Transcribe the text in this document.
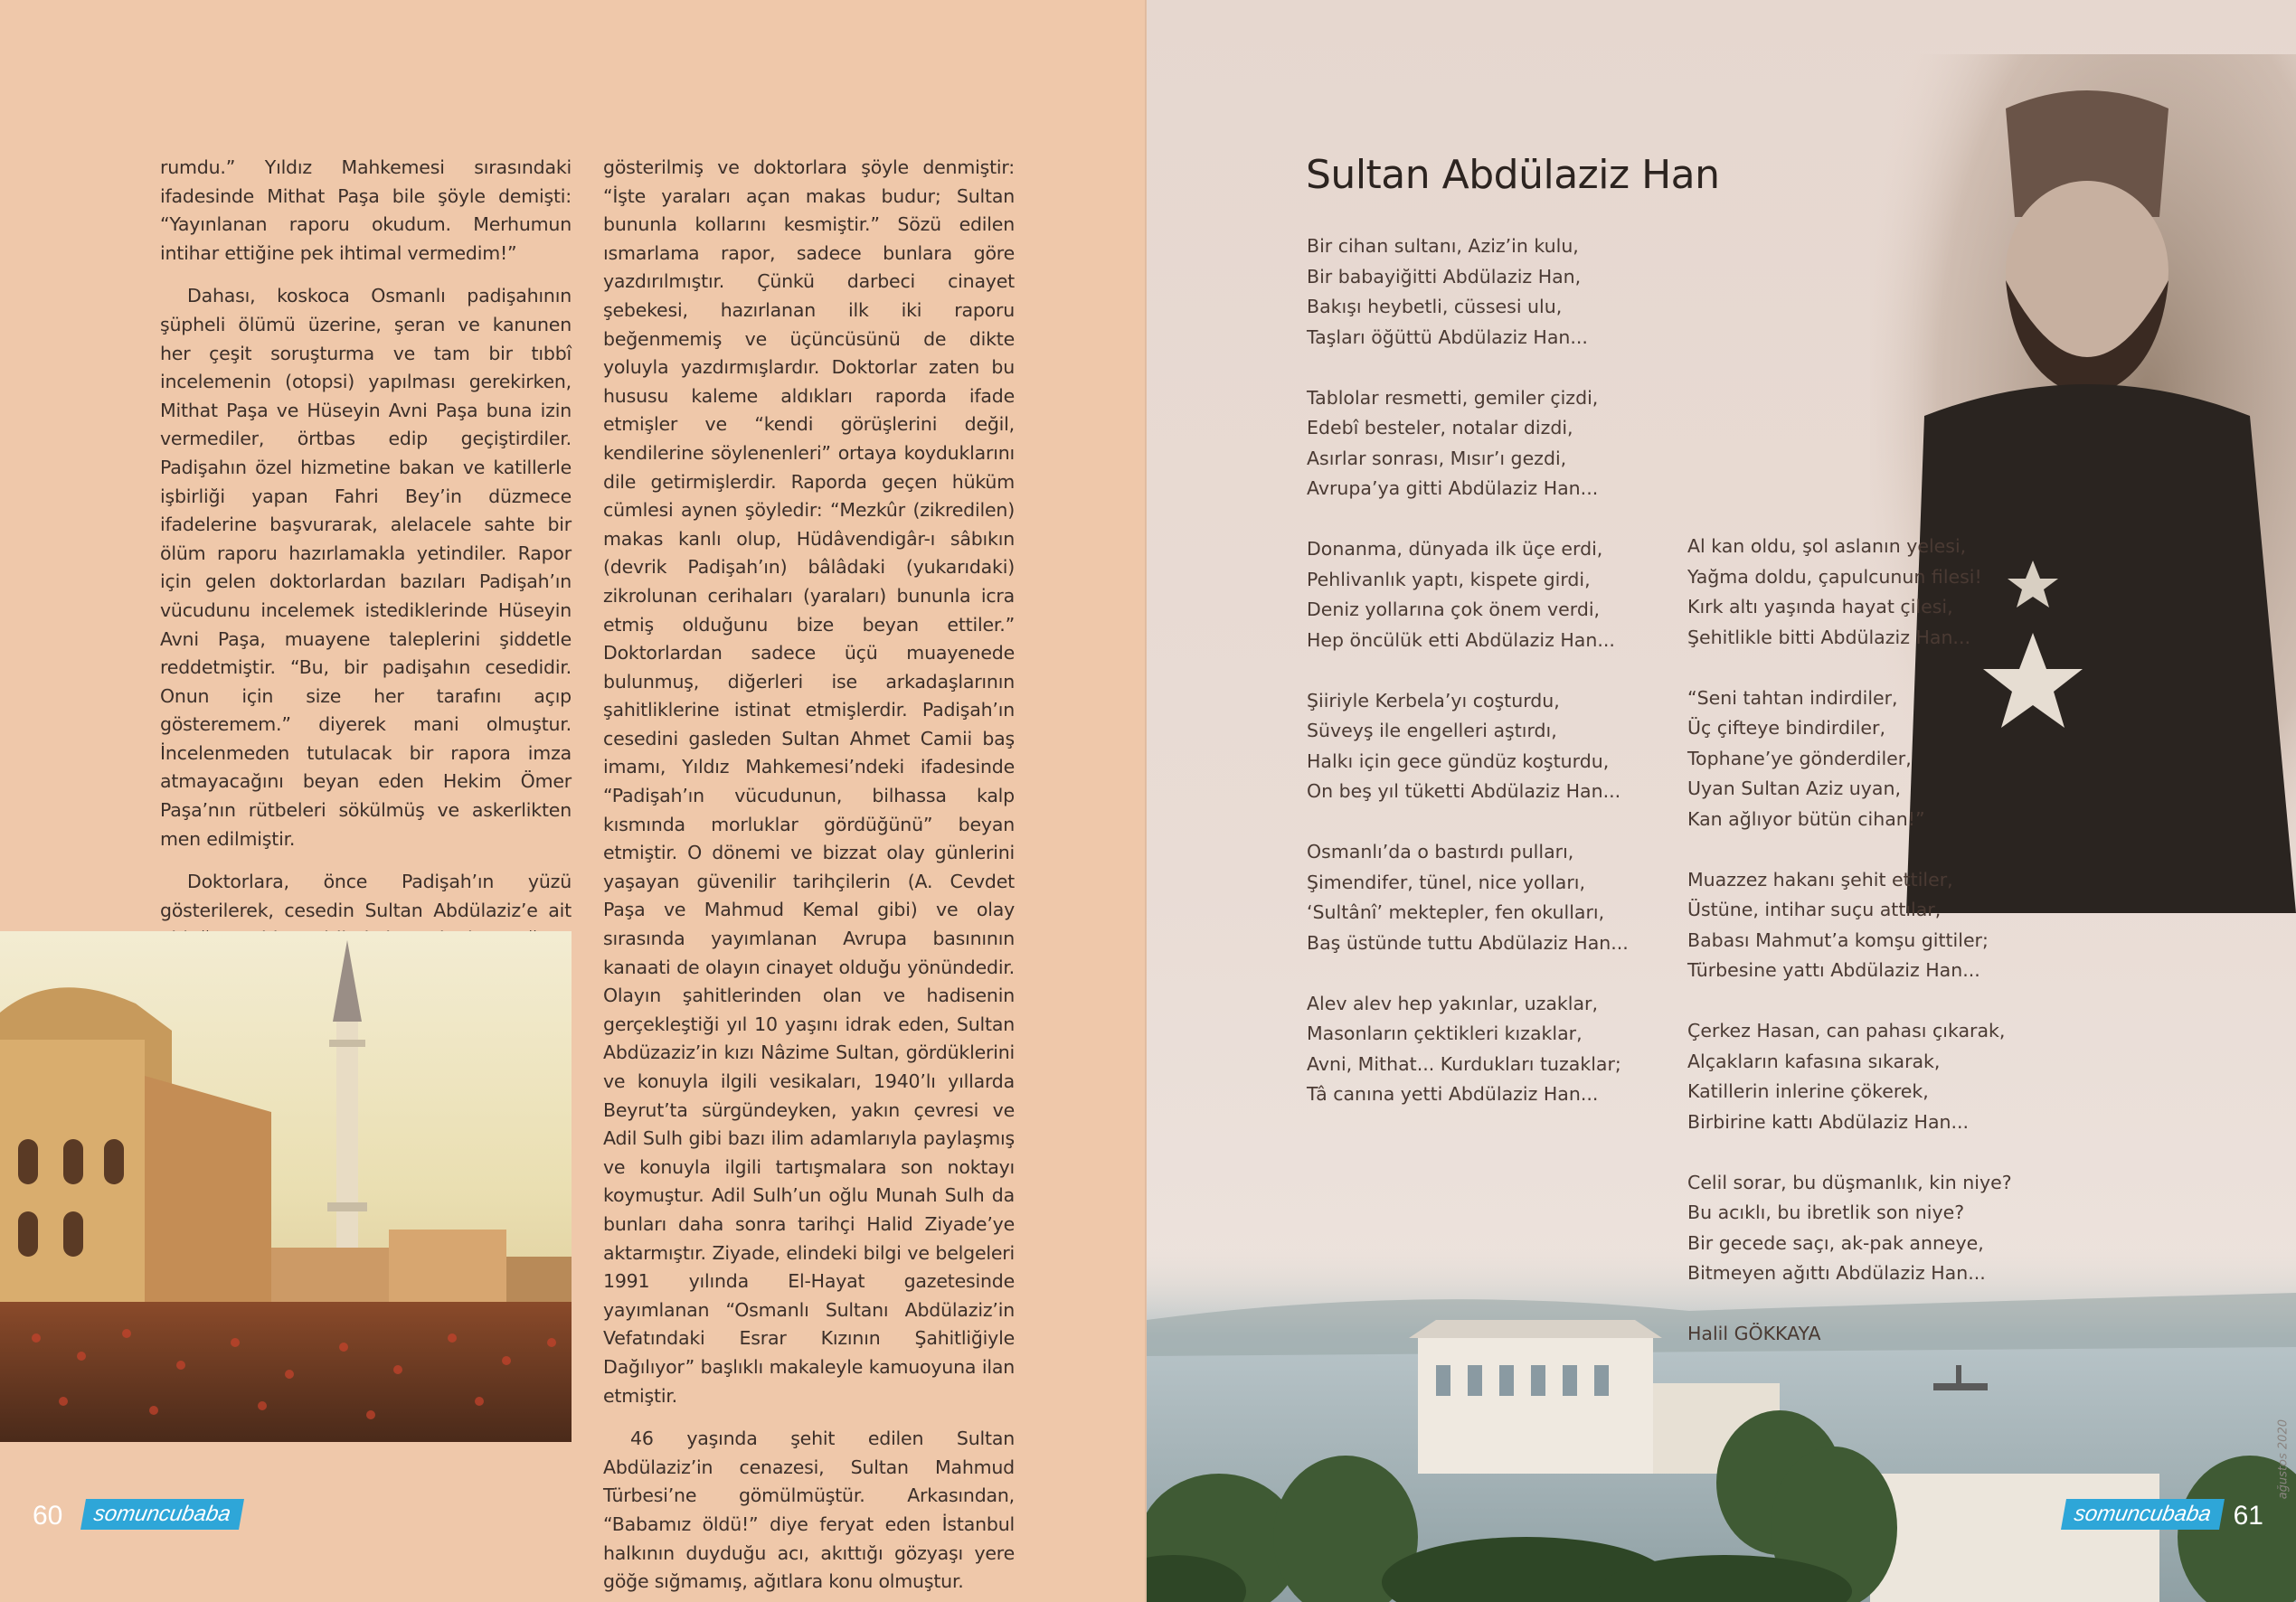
rumdu.” Yıldız Mahkemesi sırasındaki ifadesinde Mithat Paşa bile şöyle demişti: “Yayınlanan raporu okudum. Merhumun intihar ettiğine pek ihtimal vermedim!”

Dahası, koskoca Osmanlı padişahının şüpheli ölümü üzerine, şeran ve kanunen her çeşit soruşturma ve tam bir tıbbî incelemenin (otopsi) yapılması gerekirken, Mithat Paşa ve Hüseyin Avni Paşa buna izin vermediler, örtbas edip geçiştirdiler. Padişahın özel hizmetine bakan ve katillerle işbirliği yapan Fahri Bey’in düzmece ifadelerine başvurarak, alelacele sahte bir ölüm raporu hazırlamakla yetindiler. Rapor için gelen doktorlardan bazıları Padişah’ın vücudunu incelemek istediklerinde Hüseyin Avni Paşa, muayene taleplerini şiddetle reddetmiştir. “Bu, bir padişahın cesedidir. Onun için size her tarafını açıp gösteremem.” diyerek mani olmuştur. İncelenmeden tutulacak bir rapora imza atmayacağını beyan eden Hekim Ömer Paşa’nın rütbeleri sökülmüş ve askerlikten men edilmiştir.

Doktorlara, önce Padişah’ın yüzü gösterilerek, cesedin Sultan Abdülaziz’e ait

gösterilmiş ve doktorlara şöyle denmiştir: “İşte yaraları açan makas budur; Sultan bununla kollarını kesmiştir.” Sözü edilen ısmarlama rapor, sadece bunlara göre yazdırılmıştır. Çünkü darbeci cinayet şebekesi, hazırlanan ilk iki raporu beğenmemiş ve üçüncüsünü de dikte yoluyla yazdırmışlardır. Doktorlar zaten bu hususu kaleme aldıkları raporda ifade etmişler ve “kendi görüşlerini değil, kendilerine söylenenleri” ortaya koyduklarını dile getirmişlerdir. Raporda geçen hüküm cümlesi aynen şöyledir: “Mezkûr (zikredilen) makas kanlı olup, Hüdâvendigâr-ı sâbıkın (devrik Padişah’ın) bâlâdaki (yukarıdaki) zikrolunan cerihaları (yaraları) bununla icra etmiş olduğunu bize beyan ettiler.” Doktorlardan sadece üçü muayenede bulunmuş, diğerleri ise arkadaşlarının şahitliklerine istinat etmişlerdir. Padişah’ın cesedini gasleden Sultan Ahmet Camii baş imamı, Yıldız Mahkemesi’ndeki ifadesinde “Padişah’ın vücudunun, bilhassa kalp kısmında morluklar gördüğünü” beyan etmiştir. O dönemi ve bizzat olay günlerini yaşayan güvenilir tarihçilerin (A. Cevdet Paşa ve Mahmud Kemal gibi) ve olay sırasında yayımlanan Avrupa basınının kanaati de olayın cinayet olduğu yönündedir. Olayın şahitlerinden olan ve hadisenin gerçekleştiği yıl 10 yaşını idrak eden, Sultan Abdüzaziz’in kızı Nâzime Sultan, gördüklerini ve konuyla ilgili vesikaları, 1940’lı yıllarda Beyrut’ta sürgündeyken, yakın çevresi ve Adil Sulh gibi bazı ilim adamlarıyla paylaşmış ve konuyla ilgili tartışmalara son noktayı koymuştur. Adil Sulh’un oğlu Munah Sulh da bunları daha sonra tarihçi Halid Ziyade’ye aktarmıştır. Ziyade, elindeki bilgi ve belgeleri 1991 yılında El-Hayat gazetesinde yayımlanan “Osmanlı Sultanı Abdülaziz’in Vefatındaki Esrar Kızının Şahitliğiyle Dağılıyor” başlıklı makaleyle kamuoyuna ilan etmiştir.

46 yaşında şehit edilen Sultan Abdülaziz’in cenazesi, Sultan Mahmud Türbesi’ne gömülmüştür. Arkasından, “Babamız öldü!” diye feryat eden İstanbul halkının duyduğu acı, akıttığı gözyaşı yere göğe sığmamış, ağıtlara konu olmuştur.

60	somuncubaba
Sultan Abdülaziz Han
Bir cihan sultanı, Aziz’in kulu,
Bir babayiğitti Abdülaziz Han,
Bakışı heybetli, cüssesi ulu,
Taşları öğüttü Abdülaziz Han...
Tablolar resmetti, gemiler çizdi,
Edebî besteler, notalar dizdi,
Asırlar sonrası, Mısır’ı gezdi,
Avrupa’ya gitti Abdülaziz Han...
Donanma, dünyada ilk üçe erdi,
Pehlivanlık yaptı, kispete girdi,
Deniz yollarına çok önem verdi,
Hep öncülük etti Abdülaziz Han...
Şiiriyle Kerbela’yı coşturdu,
Süveyş ile engelleri aştırdı,
Halkı için gece gündüz koşturdu,
On beş yıl tüketti Abdülaziz Han...
Osmanlı’da o bastırdı pulları,
Şimendifer, tünel, nice yolları,
‘Sultânî’ mektepler, fen okulları,
Baş üstünde tuttu Abdülaziz Han...
Alev alev hep yakınlar, uzaklar,
Masonların çektikleri kızaklar,
Avni, Mithat... Kurdukları tuzaklar;
Tâ canına yetti Abdülaziz Han...
Al kan oldu, şol aslanın yelesi,
Yağma doldu, çapulcunun filesi!
Kırk altı yaşında hayat çilesi,
Şehitlikle bitti Abdülaziz Han...
“Seni tahtan indirdiler,
Üç çifteye bindirdiler,
Tophane’ye gönderdiler,
Uyan Sultan Aziz uyan,
Kan ağlıyor bütün cihan!”
Muazzez hakanı şehit ettiler,
Üstüne, intihar suçu attılar,
Babası Mahmut’a komşu gittiler;
Türbesine yattı Abdülaziz Han...
Çerkez Hasan, can pahası çıkarak,
Alçakların kafasına sıkarak,
Katillerin inlerine çökerek,
Birbirine kattı Abdülaziz Han...
Celil sorar, bu düşmanlık, kin niye?
Bu acıklı, bu ibretlik son niye?
Bir gecede saçı, ak-pak anneye,
Bitmeyen ağıttı Abdülaziz Han...
Halil GÖKKAYA
ağustos 2020
somuncubaba 61
